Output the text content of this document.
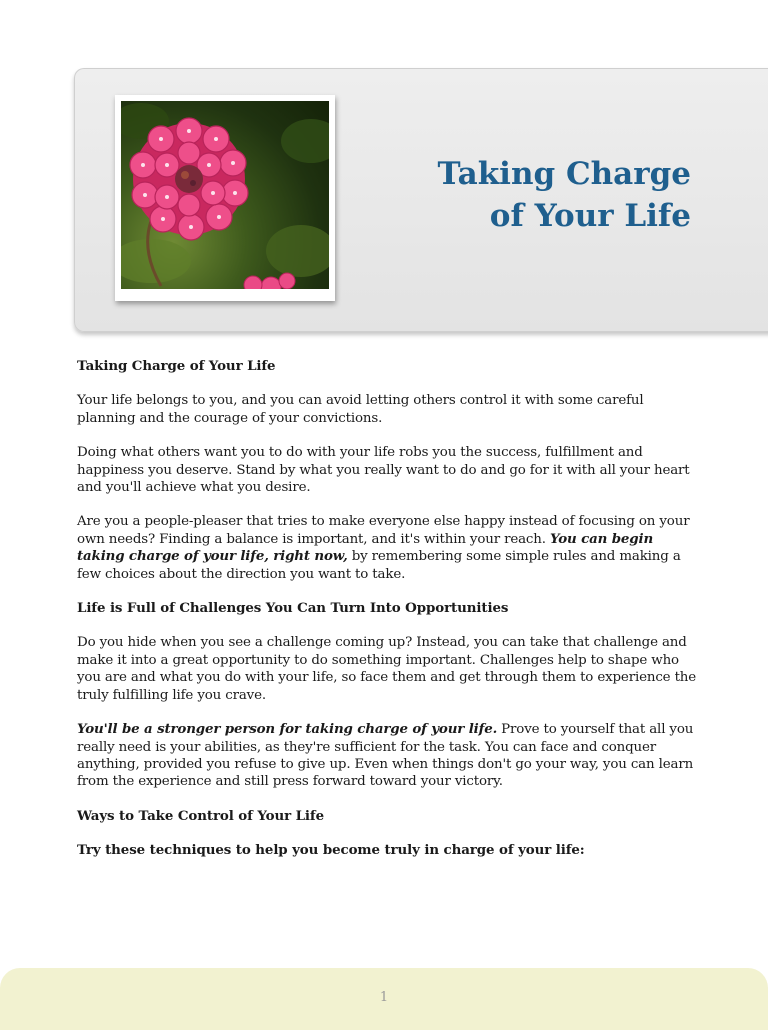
Taking Charge
of Your Life

Taking Charge of Your Life

Your life belongs to you, and you can avoid letting others control it with some careful planning and the courage of your convictions.

Doing what others want you to do with your life robs you the success, fulfillment and happiness you deserve. Stand by what you really want to do and go for it with all your heart and you'll achieve what you desire.

Are you a people-pleaser that tries to make everyone else happy instead of focusing on your own needs? Finding a balance is important, and it's within your reach. You can begin taking charge of your life, right now, by remembering some simple rules and making a few choices about the direction you want to take.

Life is Full of Challenges You Can Turn Into Opportunities

Do you hide when you see a challenge coming up? Instead, you can take that challenge and make it into a great opportunity to do something important. Challenges help to shape who you are and what you do with your life, so face them and get through them to experience the truly fulfilling life you crave.

You'll be a stronger person for taking charge of your life. Prove to yourself that all you really need is your abilities, as they're sufficient for the task. You can face and conquer anything, provided you refuse to give up. Even when things don't go your way, you can learn from the experience and still press forward toward your victory.

Ways to Take Control of Your Life

Try these techniques to help you become truly in charge of your life:

1
